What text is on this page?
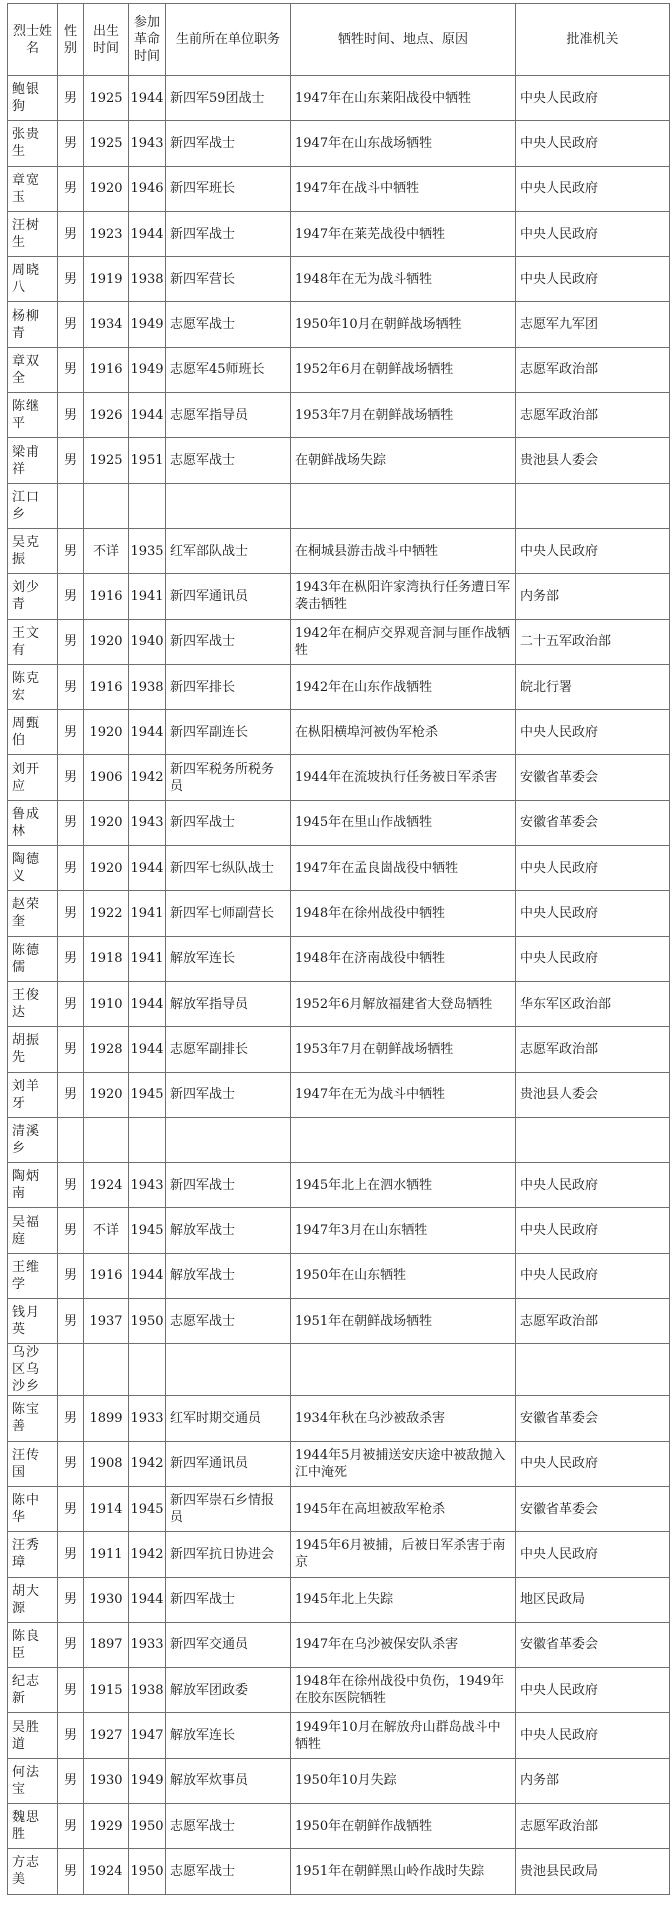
烈士姓名	性别	出生时间	参加革命时间	生前所在单位职务	牺牲时间、地点、原因	批准机关
鲍银狗	男	1925	1944	新四军59团战士	1947年在山东莱阳战役中牺牲	中央人民政府
张贵生	男	1925	1943	新四军战士	1947年在山东战场牺牲	中央人民政府
章宽玉	男	1920	1946	新四军班长	1947年在战斗中牺牲	中央人民政府
汪树生	男	1923	1944	新四军战士	1947年在莱芜战役中牺牲	中央人民政府
周晓八	男	1919	1938	新四军营长	1948年在无为战斗牺牲	中央人民政府
杨柳青	男	1934	1949	志愿军战士	1950年10月在朝鲜战场牺牲	志愿军九军团
章双全	男	1916	1949	志愿军45师班长	1952年6月在朝鲜战场牺牲	志愿军政治部
陈继平	男	1926	1944	志愿军指导员	1953年7月在朝鲜战场牺牲	志愿军政治部
梁甫祥	男	1925	1951	志愿军战士	在朝鲜战场失踪	贵池县人委会
江口乡						
吴克振	男	不详	1935	红军部队战士	在桐城县游击战斗中牺牲	中央人民政府
刘少青	男	1916	1941	新四军通讯员	1943年在枞阳许家湾执行任务遭日军袭击牺牲	内务部
王文有	男	1920	1940	新四军战士	1942年在桐庐交界观音洞与匪作战牺牲	二十五军政治部
陈克宏	男	1916	1938	新四军排长	1942年在山东作战牺牲	皖北行署
周甄伯	男	1920	1944	新四军副连长	在枞阳横埠河被伪军枪杀	中央人民政府
刘开应	男	1906	1942	新四军税务所税务员	1944年在流坡执行任务被日军杀害	安徽省革委会
鲁成林	男	1920	1943	新四军战士	1945年在里山作战牺牲	安徽省革委会
陶德义	男	1920	1944	新四军七纵队战士	1947年在孟良崮战役中牺牲	中央人民政府
赵荣奎	男	1922	1941	新四军七师副营长	1948年在徐州战役中牺牲	中央人民政府
陈德儒	男	1918	1941	解放军连长	1948年在济南战役中牺牲	中央人民政府
王俊达	男	1910	1944	解放军指导员	1952年6月解放福建省大登岛牺牲	华东军区政治部
胡振先	男	1928	1944	志愿军副排长	1953年7月在朝鲜战场牺牲	志愿军政治部
刘羊牙	男	1920	1945	新四军战士	1947年在无为战斗中牺牲	贵池县人委会
清溪乡						
陶炳南	男	1924	1943	新四军战士	1945年北上在泗水牺牲	中央人民政府
吴福庭	男	不详	1945	解放军战士	1947年3月在山东牺牲	中央人民政府
王维学	男	1916	1944	解放军战士	1950年在山东牺牲	中央人民政府
钱月英	男	1937	1950	志愿军战士	1951年在朝鲜战场牺牲	志愿军政治部
乌沙区乌沙乡						
陈宝善	男	1899	1933	红军时期交通员	1934年秋在乌沙被敌杀害	安徽省革委会
汪传国	男	1908	1942	新四军通讯员	1944年5月被捕送安庆途中被敌抛入江中淹死	中央人民政府
陈中华	男	1914	1945	新四军崇石乡情报员	1945年在高坦被敌军枪杀	安徽省革委会
汪秀璋	男	1911	1942	新四军抗日协进会	1945年6月被捕，后被日军杀害于南京	中央人民政府
胡大源	男	1930	1944	新四军战士	1945年北上失踪	地区民政局
陈良臣	男	1897	1933	新四军交通员	1947年在乌沙被保安队杀害	安徽省革委会
纪志新	男	1915	1938	解放军团政委	1948年在徐州战役中负伤，1949年在胶东医院牺牲	中央人民政府
吴胜道	男	1927	1947	解放军连长	1949年10月在解放舟山群岛战斗中牺牲	中央人民政府
何法宝	男	1930	1949	解放军炊事员	1950年10月失踪	内务部
魏思胜	男	1929	1950	志愿军战士	1950年在朝鲜作战牺牲	志愿军政治部
方志美	男	1924	1950	志愿军战士	1951年在朝鲜黑山岭作战时失踪	贵池县民政局
